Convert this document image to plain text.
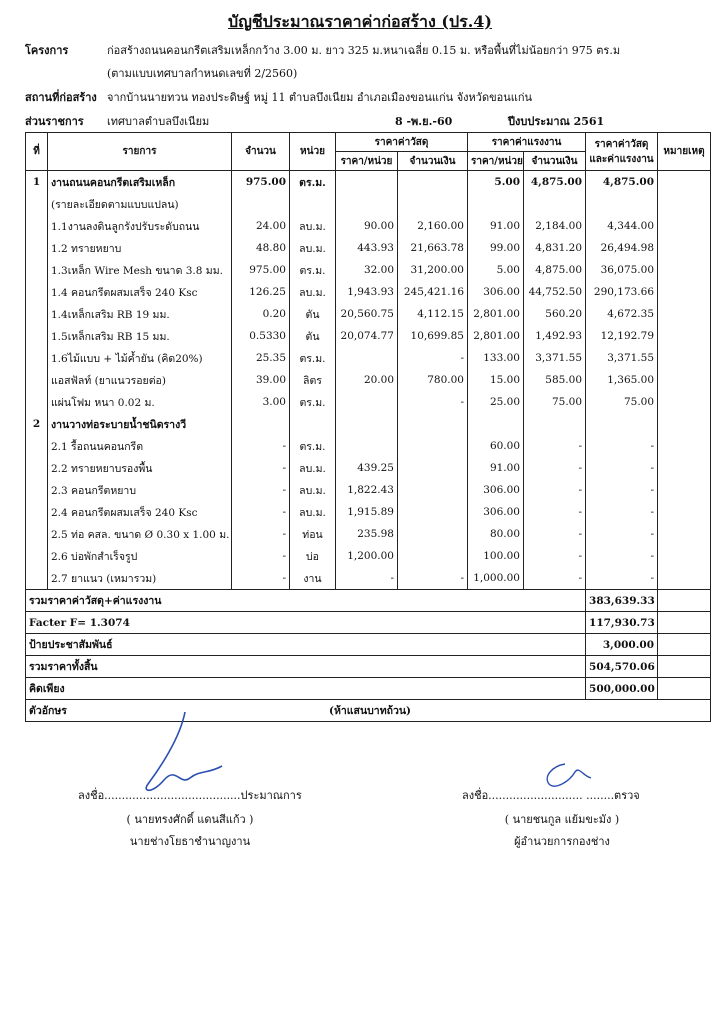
บัญชีประมาณราคาค่าก่อสร้าง (ปร.4)
โครงการ	ก่อสร้างถนนคอนกรีตเสริมเหล็กกว้าง 3.00 ม. ยาว 325 ม.หนาเฉลี่ย 0.15 ม. หรือพื้นที่ไม่น้อยกว่า 975 ตร.ม
(ตามแบบเทศบาลกำหนดเลขที่ 2/2560)
สถานที่ก่อสร้าง จากบ้านนายทวน ทองประดิษฐ์ หมู่ 11 ตำบลบึงเนียม อำเภอเมืองขอนแก่น จังหวัดขอนแก่น
ส่วนราชการ เทศบาลตำบลบึงเนียม	8 -พ.ย.-60	ปีงบประมาณ 2561
ที่	รายการ	จำนวน	หน่วย	ราคาค่าวัสดุ		ราคาค่าแรงงาน		ราคาค่าวัสดุ
และค่าแรงงาน	หมายเหตุ
				ราคา/หน่วย	จำนวนเงิน	ราคา/หน่วย	จำนวนเงิน		
1	งานถนนคอนกรีตเสริมเหล็ก	975.00	ตร.ม.			5.00	4,875.00	4,875.00	
	(รายละเอียดตามแบบแปลน)								
	1.1งานลงดินลูกรังปรับระดับถนน	24.00	ลบ.ม.	90.00	2,160.00	91.00	2,184.00	4,344.00	
	1.2 ทรายหยาบ	48.80	ลบ.ม.	443.93	21,663.78	99.00	4,831.20	26,494.98	
	1.3เหล็ก Wire Mesh ขนาด 3.8 มม.	975.00	ตร.ม.	32.00	31,200.00	5.00	4,875.00	36,075.00	
	1.4 คอนกรีตผสมเสร็จ 240 Ksc	126.25	ลบ.ม.	1,943.93	245,421.16	306.00	44,752.50	290,173.66	
	1.4เหล็กเสริม RB 19 มม.	0.20	ตัน	20,560.75	4,112.15	2,801.00	560.20	4,672.35	
	1.5เหล็กเสริม RB 15 มม.	0.5330	ตัน	20,074.77	10,699.85	2,801.00	1,492.93	12,192.79	
	1.6ไม้แบบ + ไม้ค้ำยัน (คิด20%)	25.35	ตร.ม.		-	133.00	3,371.55	3,371.55	
	แอสฟัลท์ (ยาแนวรอยต่อ)	39.00	ลิตร	20.00	780.00	15.00	585.00	1,365.00	
	แผ่นโฟม หนา 0.02 ม.	3.00	ตร.ม.		-	25.00	75.00	75.00	
2	งานวางท่อระบายน้ำชนิดรางวี								
	2.1 รื้อถนนคอนกรีต	-	ตร.ม.			60.00	-	-	
	2.2 ทรายหยาบรองพื้น	-	ลบ.ม.	439.25		91.00	-	-	
	2.3 คอนกรีตหยาบ	-	ลบ.ม.	1,822.43		306.00	-	-	
	2.4 คอนกรีตผสมเสร็จ 240 Ksc	-	ลบ.ม.	1,915.89		306.00	-	-	
	2.5 ท่อ คสล. ขนาด Ø 0.30 x 1.00 ม.	-	ท่อน	235.98		80.00	-	-	
	2.6 บ่อพักสำเร็จรูป	-	บ่อ	1,200.00		100.00	-	-	
	2.7 ยาแนว (เหมารวม)	-	งาน	-	-	1,000.00	-	-	
รวมราคาค่าวัสดุ+ค่าแรงงาน								383,639.33	
Facter F= 1.3074								117,930.73	
ป้ายประชาสัมพันธ์								3,000.00	
รวมราคาทั้งสิ้น								504,570.06	
คิดเพียง								500,000.00	
ตัวอักษร (ห้าแสนบาทถ้วน)									
ลงชื่อ.......................................ประมาณการ
( นายทรงศักดิ์ แดนสีแก้ว )
นายช่างโยธาชำนาญงาน
ลงชื่อ........................... ........ตรวจ
( นายชนกูล แย้มขะมัง )
ผู้อำนวยการกองช่าง
